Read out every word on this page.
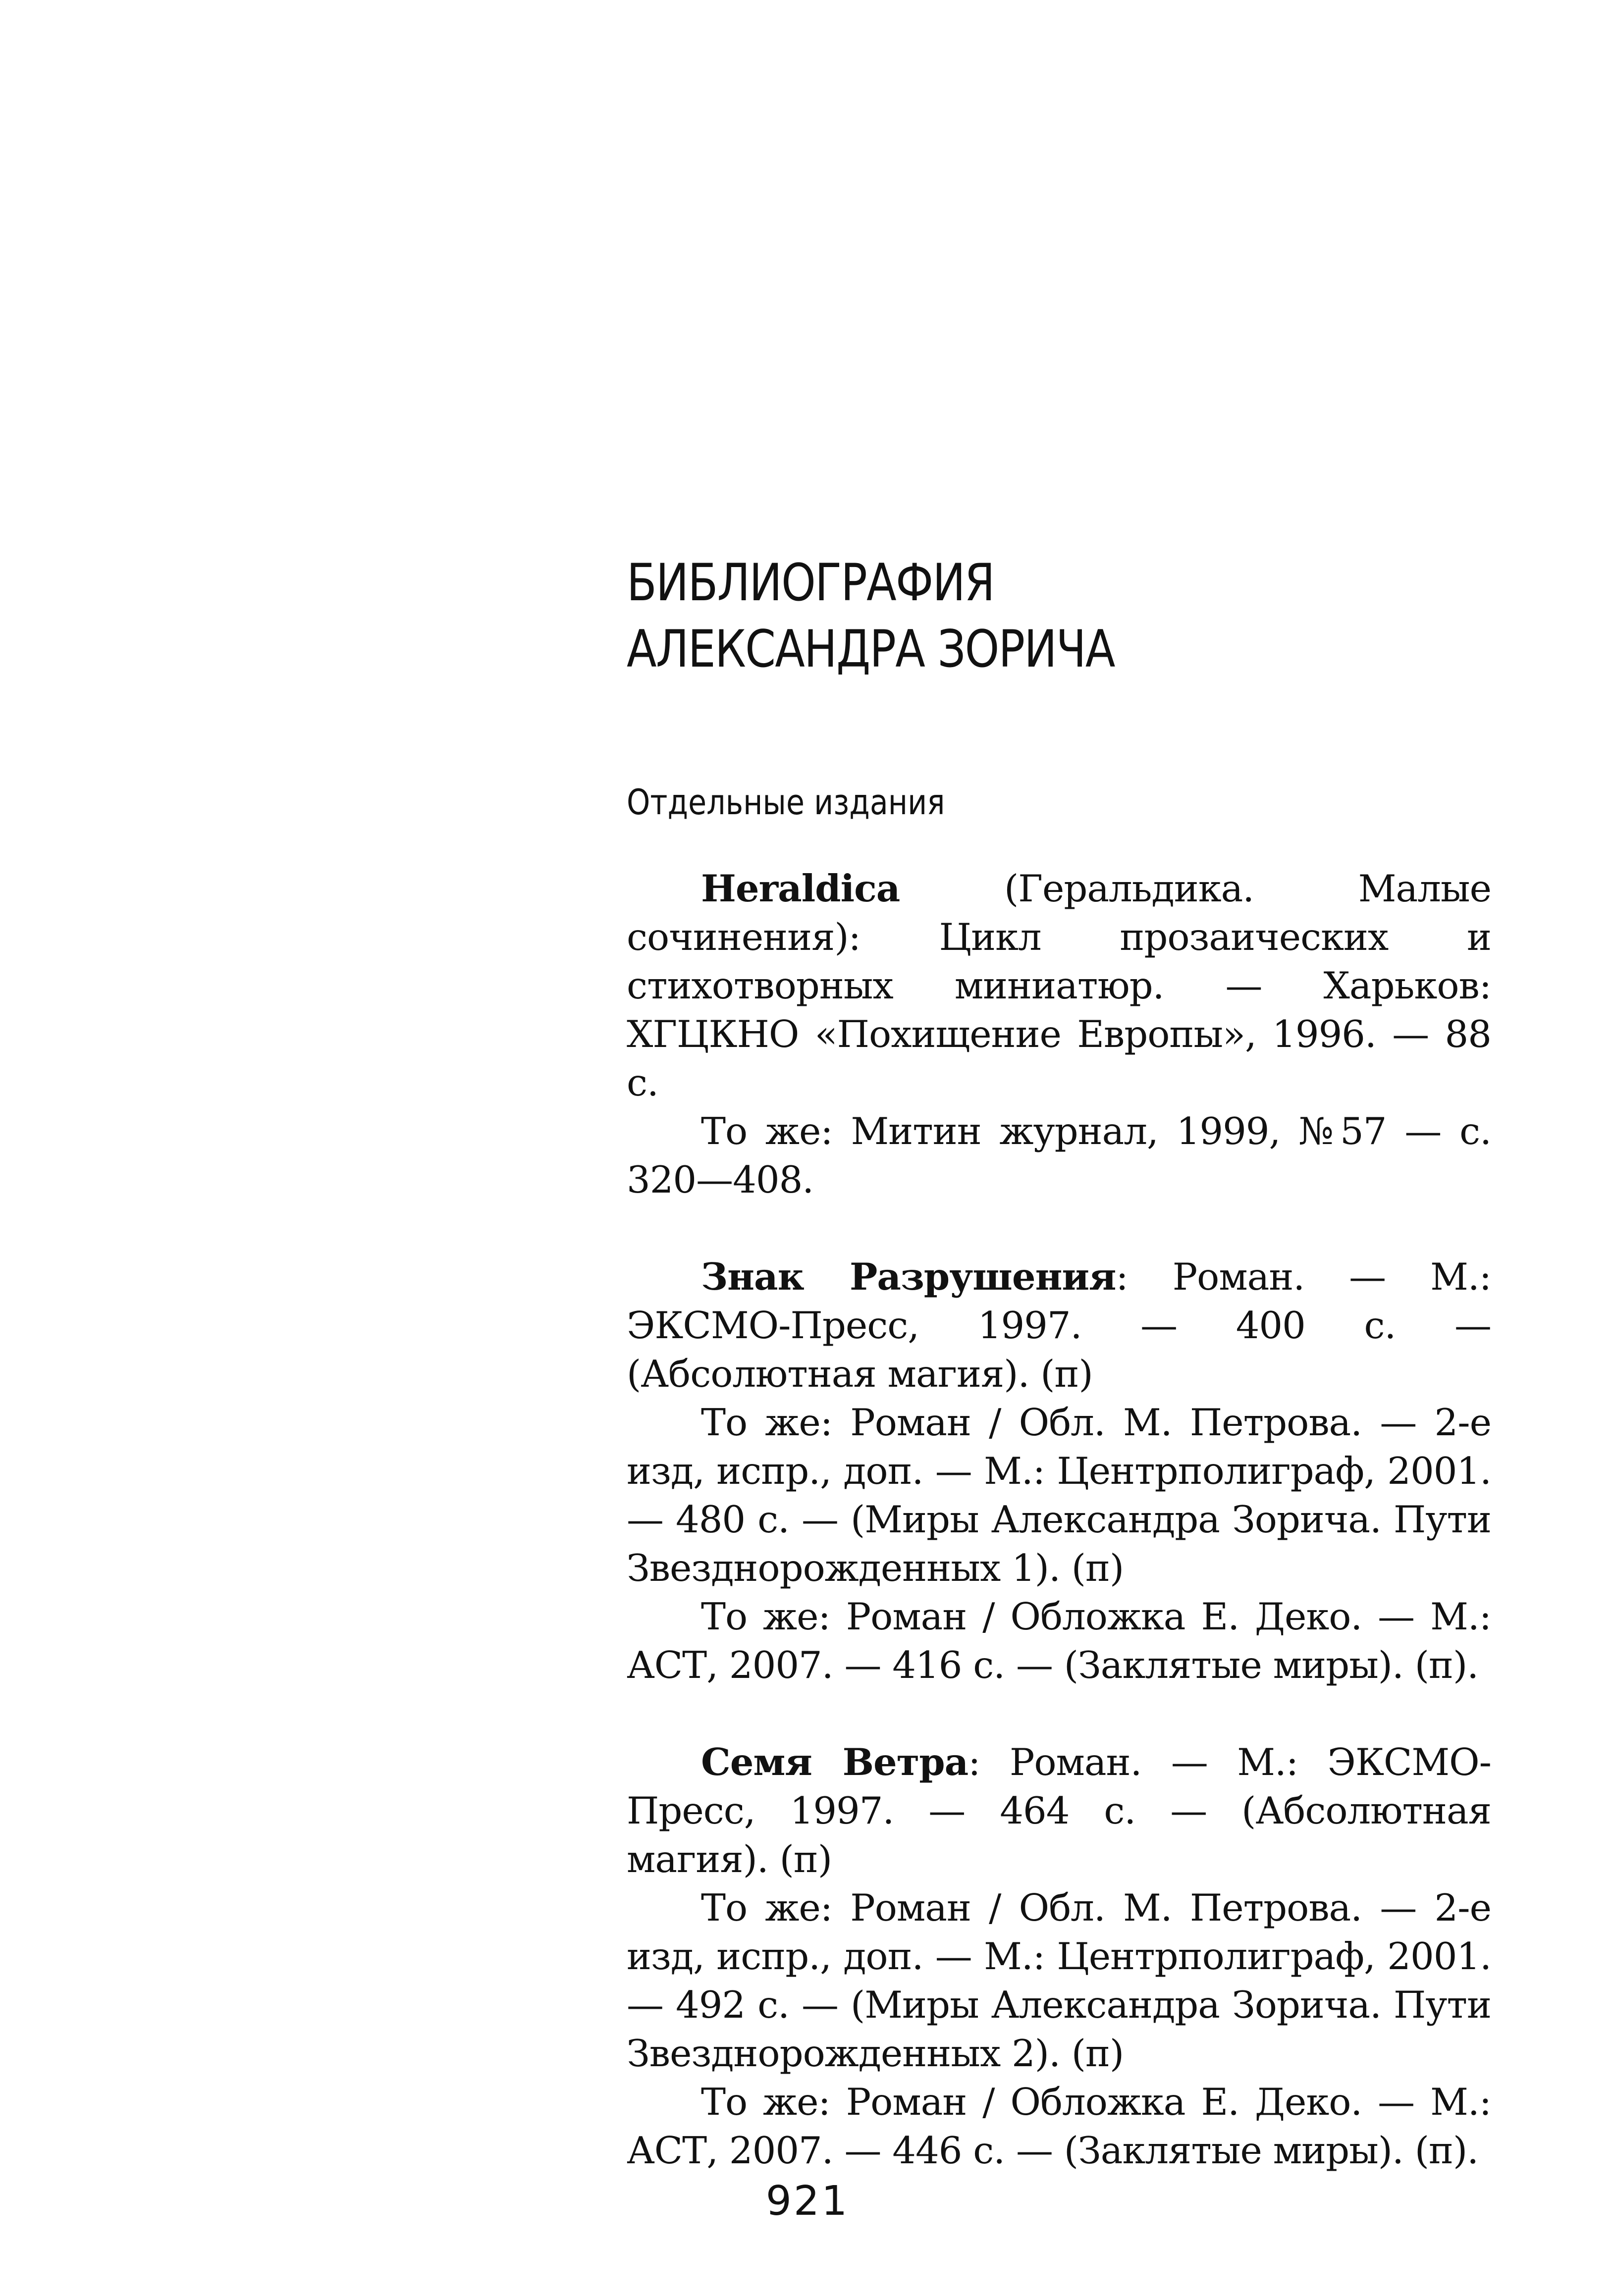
БИБЛИОГРАФИЯ
АЛЕКСАНДРА ЗОРИЧА
Отдельные издания

Heraldica (Геральдика. Малые сочинения): Цикл прозаических и стихотворных миниатюр. — Харьков: ХГЦКНО «Похищение Европы», 1996. — 88 с.

То же: Митин журнал, 1999, №57 — с. 320—408.

Знак Разрушения: Роман. — М.: ЭКСМО-Пресс, 1997. — 400 с. — (Абсолютная магия). (п)

То же: Роман / Обл. М. Петрова. — 2-е изд, испр., доп. — М.: Центрполиграф, 2001. — 480 с. — (Миры Александра Зорича. Пути Звезднорожденных 1). (п)

То же: Роман / Обложка Е. Деко. — М.: АСТ, 2007. — 416 с. — (Заклятые миры). (п).

Семя Ветра: Роман. — М.: ЭКСМО-Пресс, 1997. — 464 с. — (Абсолютная магия). (п)

То же: Роман / Обл. М. Петрова. — 2-е изд, испр., доп. — М.: Центрполиграф, 2001. — 492 с. — (Миры Александра Зорича. Пути Звезднорожденных 2). (п)

То же: Роман / Обложка Е. Деко. — М.: АСТ, 2007. — 446 с. — (Заклятые миры). (п).

921
